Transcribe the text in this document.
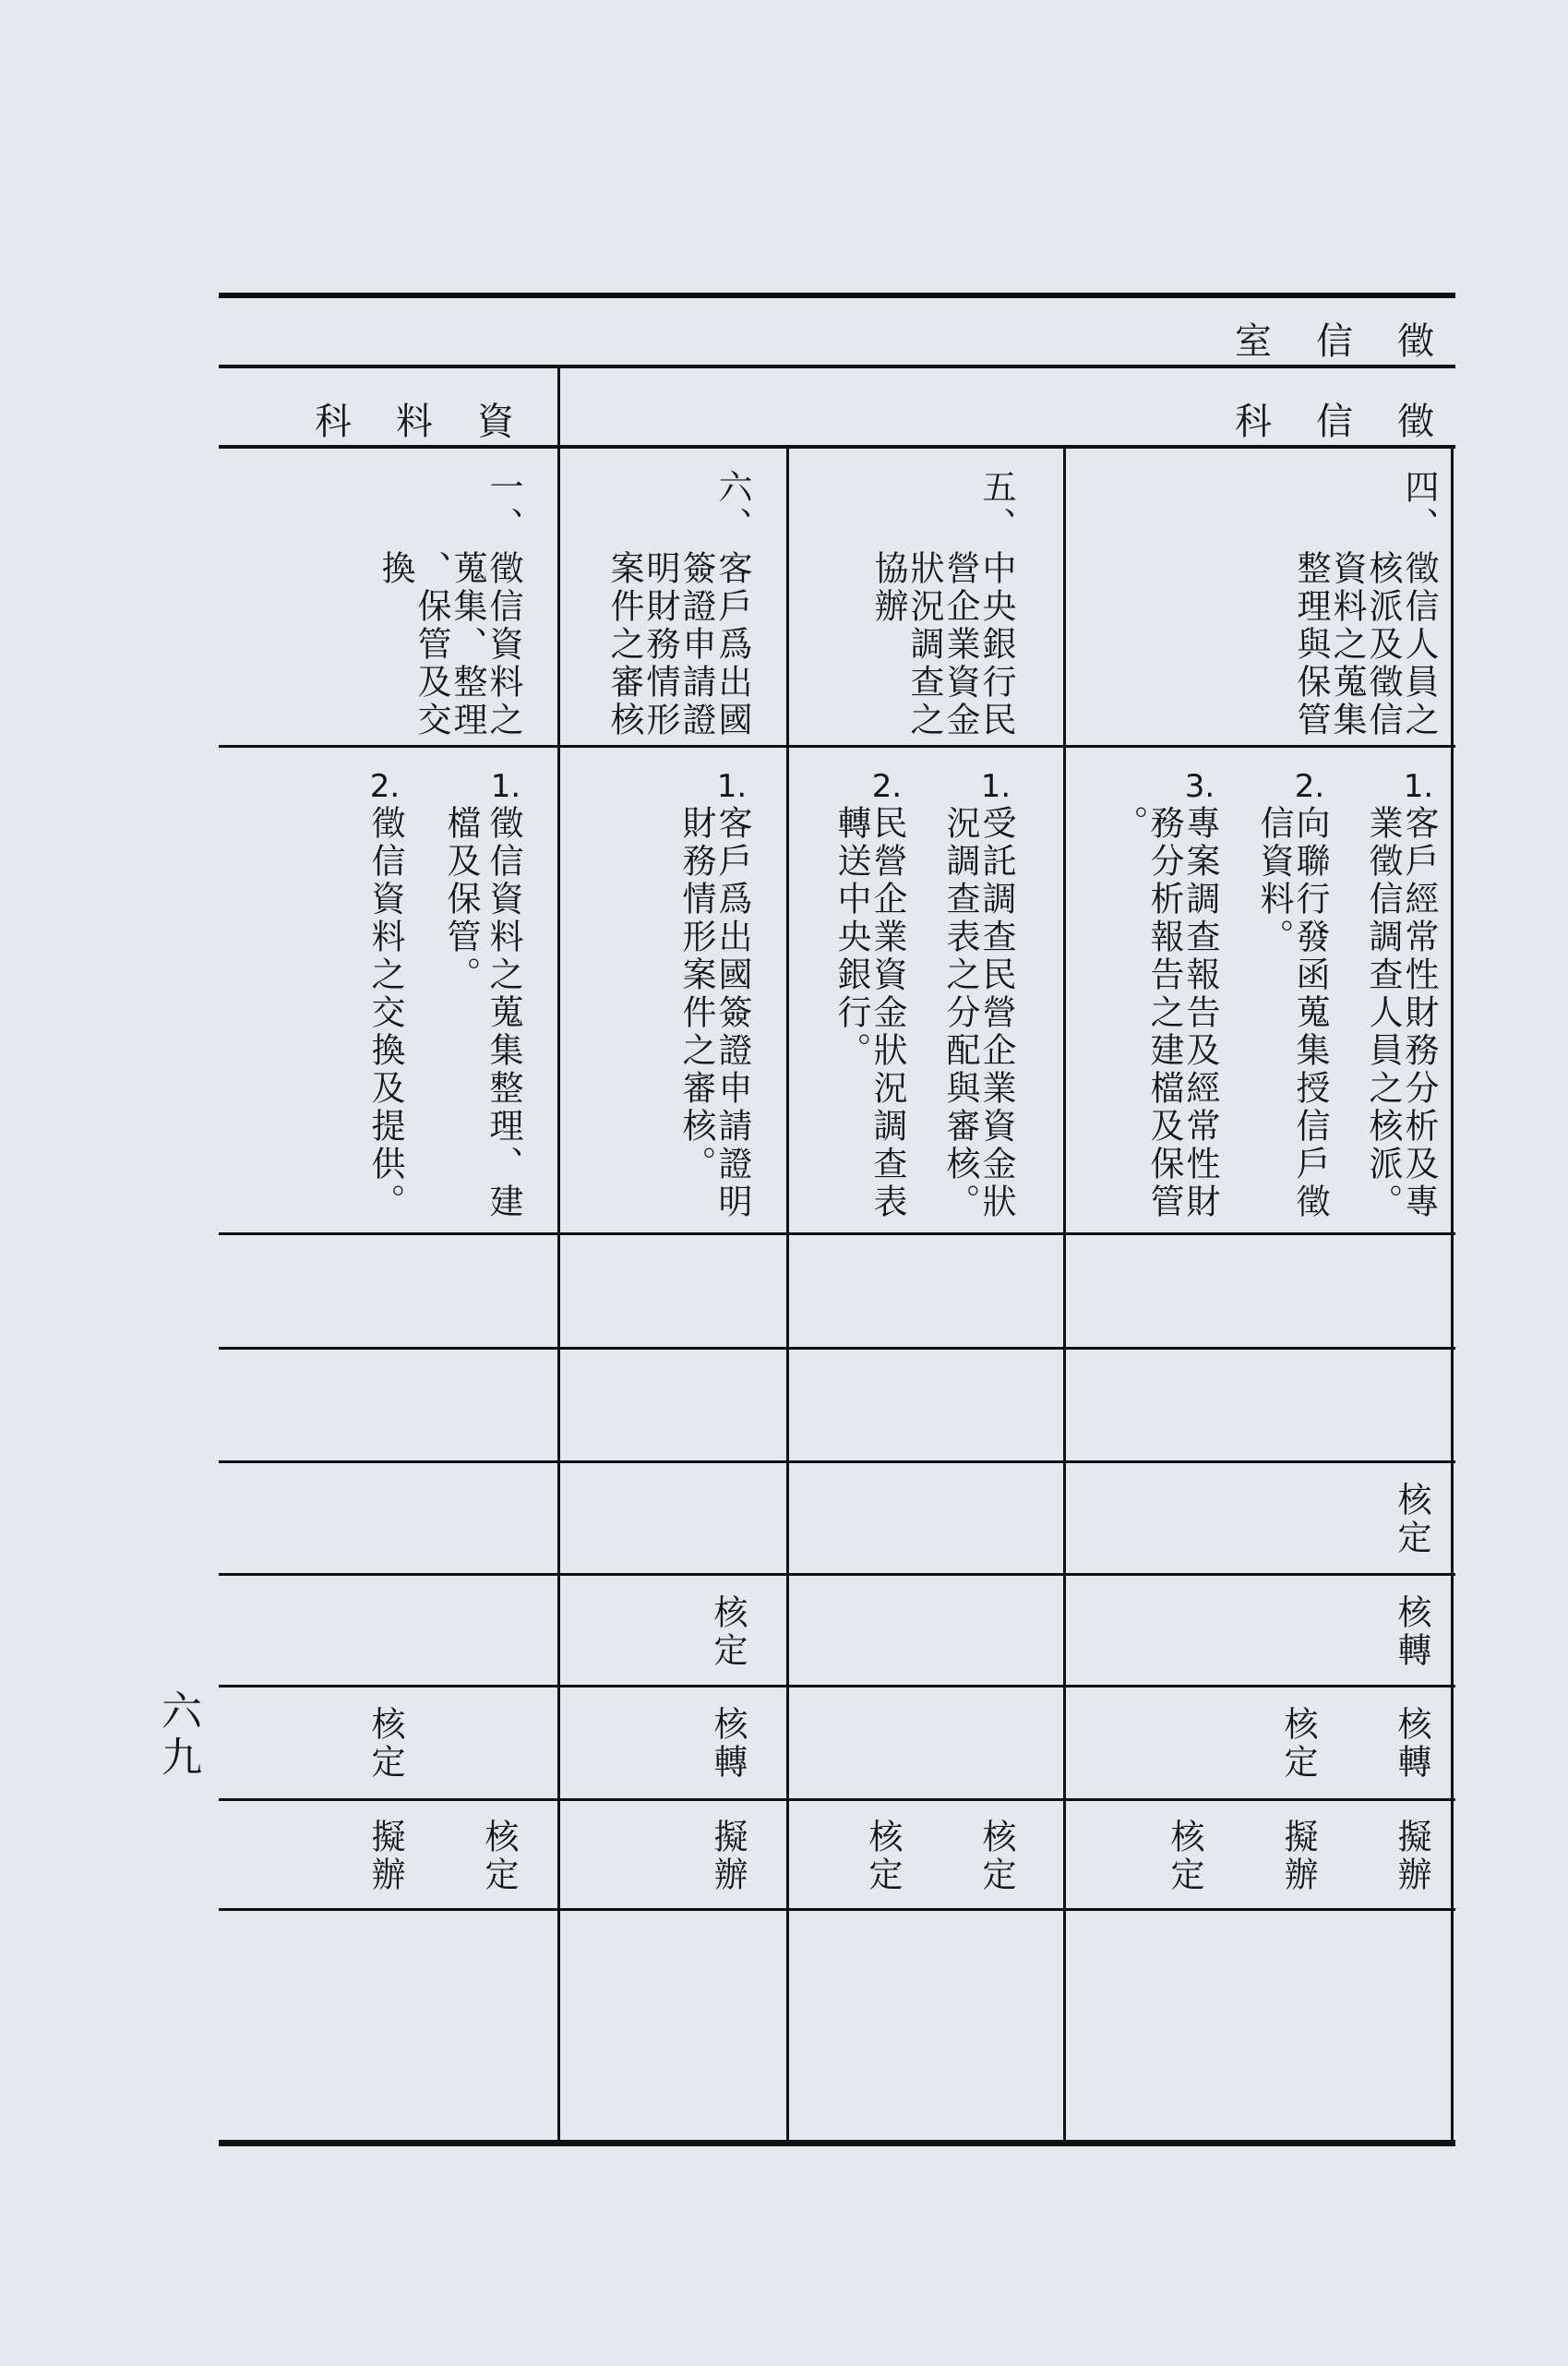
徵信室
徵信科
資料科
四、
徵信人員之
核派及徵信
資料之蒐集
整理與保管
五、
中央銀行民
營企業資金
狀況調查之
協辦
六、
客戶爲出國
簽證申請證
明財務情形
案件之審核
一、
徵信資料之
蒐集、整理
、保管及交
換
1.
客戶經常性財務分析及專
業徵信調查人員之核派。
2.
向聯行發函蒐集授信戶徵
信資料。
3.
專案調查報告及經常性財
務分析報告之建檔及保管
。
1.
受託調查民營企業資金狀
況調查表之分配與審核。
2.
民營企業資金狀況調查表
轉送中央銀行。
1.
客戶爲出國簽證申請證明
財務情形案件之審核。
1.
徵信資料之蒐集整理、建
檔及保管。
2.
徵信資料之交換及提供。
核定
核轉
核定
核轉
核定
核轉
核定
擬辦
擬辦
核定
核定
核定
擬辦
核定
擬辦
六九
